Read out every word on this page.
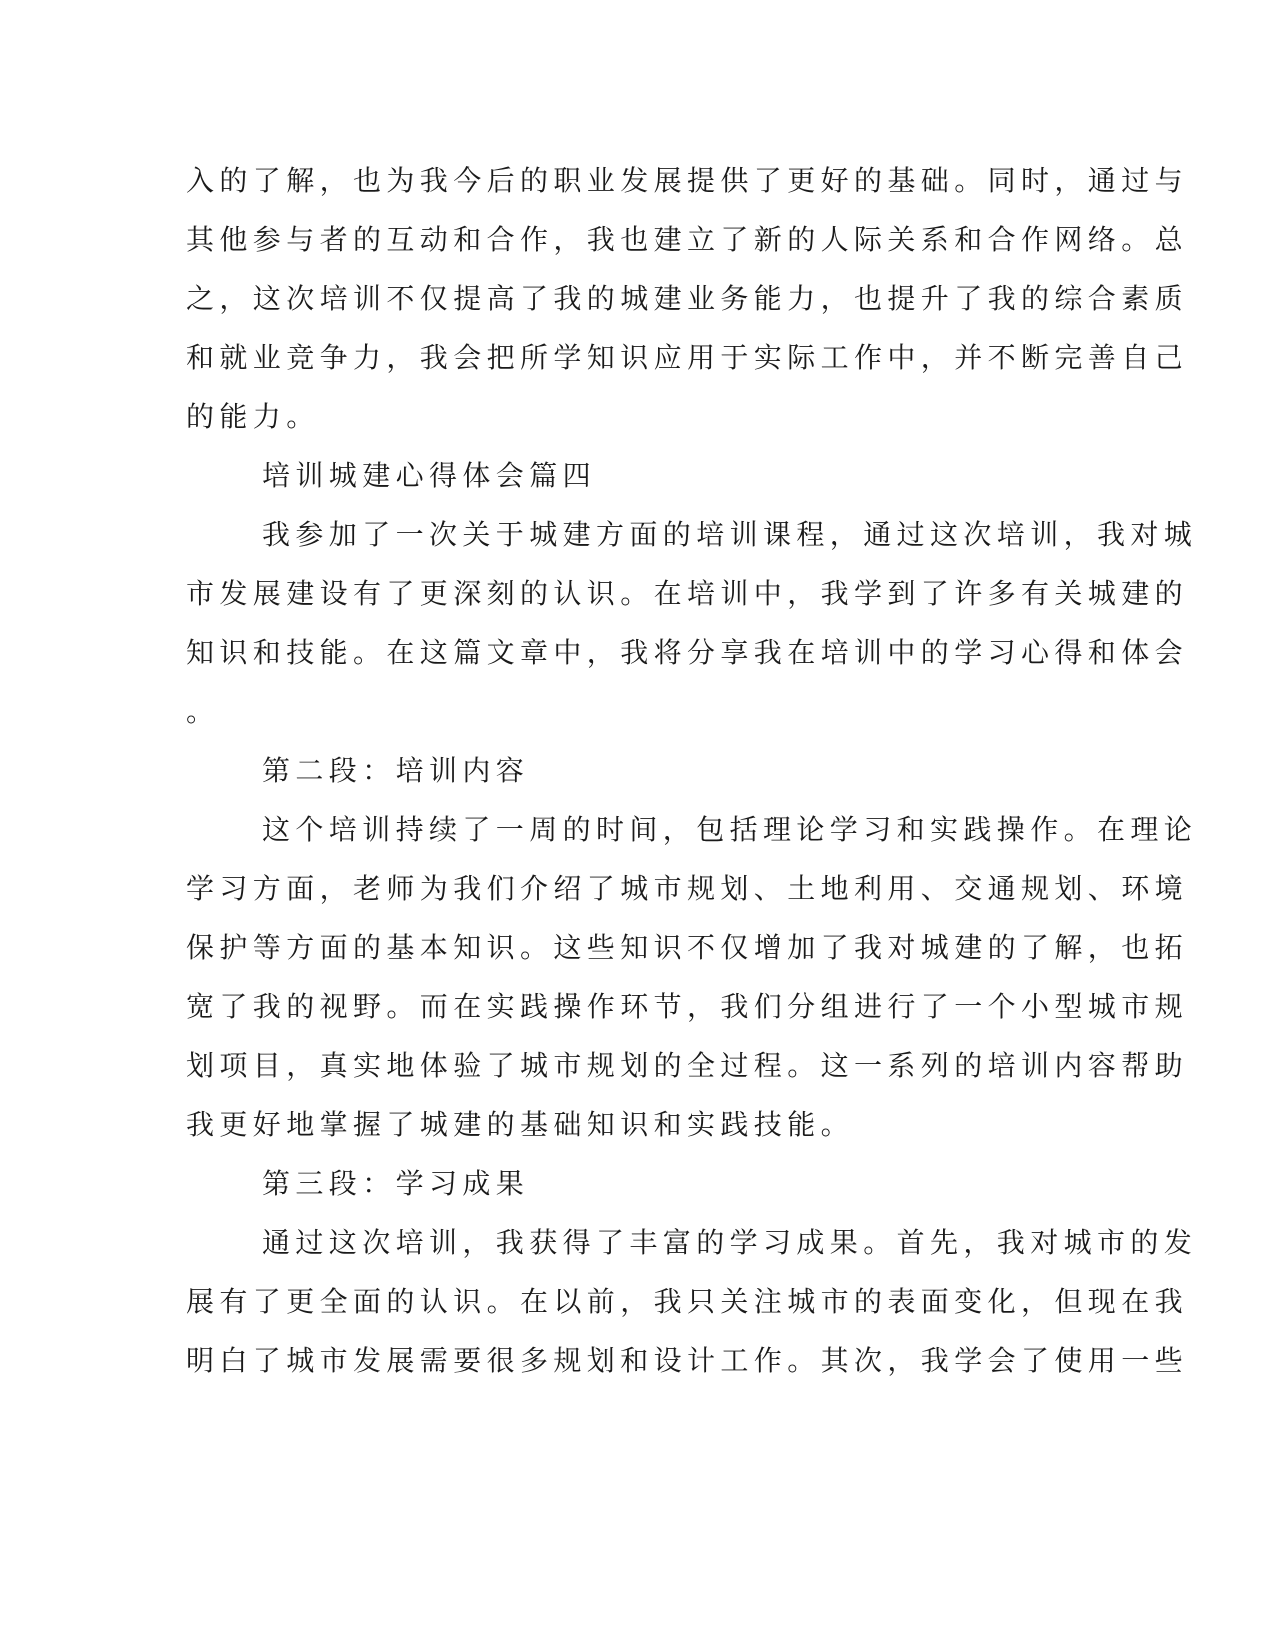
入的了解，也为我今后的职业发展提供了更好的基础。同时，通过与
其他参与者的互动和合作，我也建立了新的人际关系和合作网络。总
之，这次培训不仅提高了我的城建业务能力，也提升了我的综合素质
和就业竞争力，我会把所学知识应用于实际工作中，并不断完善自己
的能力。
培训城建心得体会篇四
我参加了一次关于城建方面的培训课程，通过这次培训，我对城
市发展建设有了更深刻的认识。在培训中，我学到了许多有关城建的
知识和技能。在这篇文章中，我将分享我在培训中的学习心得和体会
。
第二段：培训内容
这个培训持续了一周的时间，包括理论学习和实践操作。在理论
学习方面，老师为我们介绍了城市规划、土地利用、交通规划、环境
保护等方面的基本知识。这些知识不仅增加了我对城建的了解，也拓
宽了我的视野。而在实践操作环节，我们分组进行了一个小型城市规
划项目，真实地体验了城市规划的全过程。这一系列的培训内容帮助
我更好地掌握了城建的基础知识和实践技能。
第三段：学习成果
通过这次培训，我获得了丰富的学习成果。首先，我对城市的发
展有了更全面的认识。在以前，我只关注城市的表面变化，但现在我
明白了城市发展需要很多规划和设计工作。其次，我学会了使用一些
